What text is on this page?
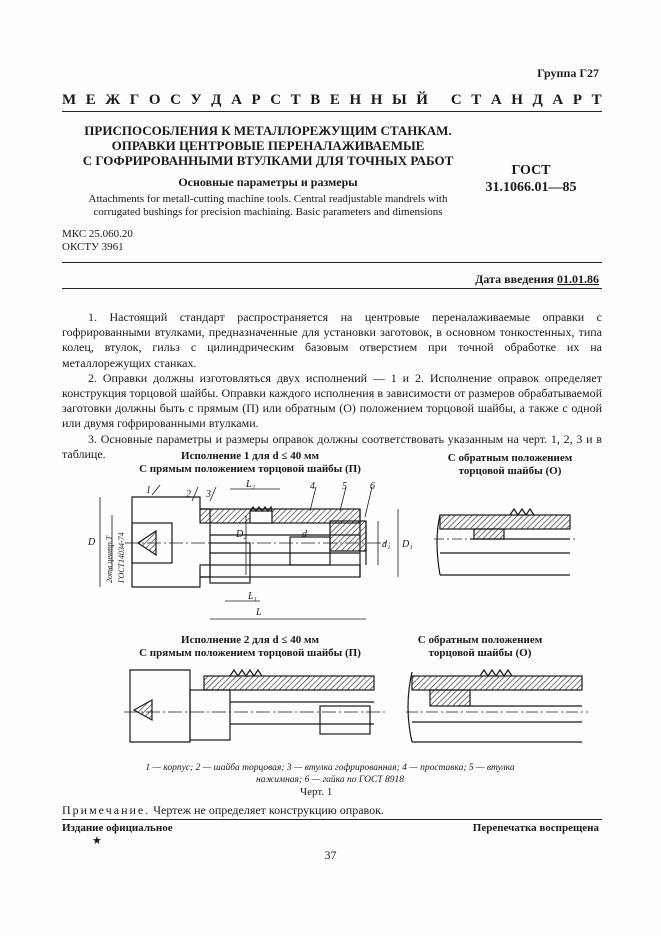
Группа Г27
М Е Ж Г О С У Д А Р С Т В Е Н Н Ы Й
С Т А Н Д А Р Т
ПРИСПОСОБЛЕНИЯ К МЕТАЛЛОРЕЖУЩИМ СТАНКАМ.
ОПРАВКИ ЦЕНТРОВЫЕ ПЕРЕНАЛАЖИВАЕМЫЕ
С ГОФРИРОВАННЫМИ ВТУЛКАМИ ДЛЯ ТОЧНЫХ РАБОТ
Основные параметры и размеры
Attachments for metall-cutting machine tools. Central readjustable mandrels with
corrugated bushings for precision machining. Basic parameters and dimensions
ГОСТ
31.1066.01—85
МКС 25.060.20
ОКСТУ 3961
Дата введения 01.01.86

1. Настоящий стандарт распространяется на центровые переналаживаемые оправки с гофрированными втулками, предназначенные для установки заготовок, в основном тонкостенных, типа колец, втулок, гильз с цилиндрическим базовым отверстием при точной обработке их на металлорежущих станках.

2. Оправки должны изготовляться двух исполнений — 1 и 2. Исполнение оправок определяет конструкция торцовой шайбы. Оправки каждого исполнения в зависимости от размеров обрабатываемой заготовки должны быть с прямым (П) или обратным (О) положением торцовой шайбы, а также с одной или двумя гофрированными втулками.

3. Основные параметры и размеры оправок должны соответствовать указанным на черт. 1, 2, 3 и в таблице.	Исполнение 1 для d ≤ 40 мм
С прямым положением торцовой шайбы (П)
С обратным положением
торцовой шайбы (О)
Исполнение 2 для d ≤ 40 мм
С прямым положением торцовой шайбы (П)
С обратным положением
торцовой шайбы (О)
1	2 3
4	5 6
L₂
L₁
L
D	d₁ D₁
D₂	d
2отв центр.Т ГОСТ14034-74
1 — корпус; 2 — шайба торцовая; 3 — втулка гофрированная; 4 — проставка; 5 — втулка
нажимная; 6 — гайка по ГОСТ 8918
Черт. 1
Примечание. Чертеж не определяет конструкцию оправок.
Издание официальное	Перепечатка воспрещена
★
37
